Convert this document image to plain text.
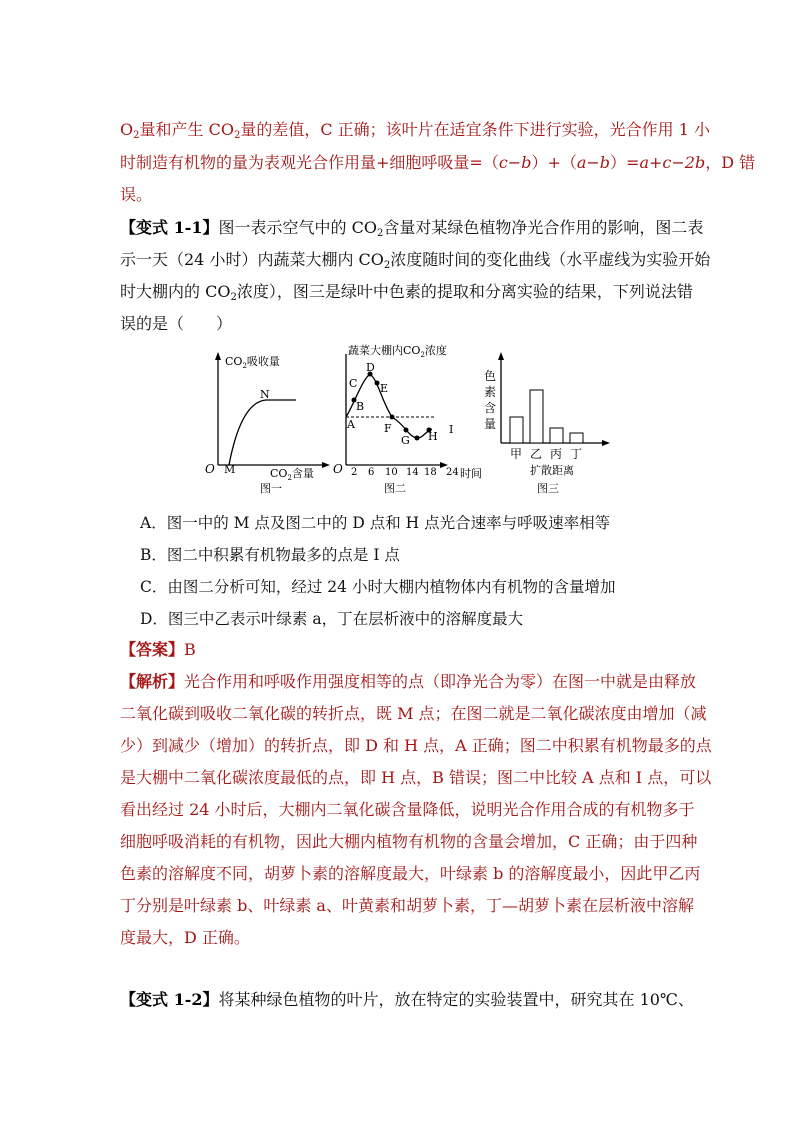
$O_2$量和产生 $CO_2$量的差值，C 正确；该叶片在适宜条件下进行实验，光合作用 1 小
时制造有机物的量为表观光合作用量+细胞呼吸量=（c−b）+（a−b）=a+c−2b，D 错
误。
【变式 1-1】图一表示空气中的 $CO_2$含量对某绿色植物净光合作用的影响，图二表
示一天（24 小时）内蔬菜大棚内 $CO_2$浓度随时间的变化曲线（水平虚线为实验开始
时大棚内的 $CO_2$浓度），图三是绿叶中色素的提取和分离实验的结果，下列说法错
误的是（　　）
$CO_2$吸收量
N
O M	$CO_2$含量
图一
蔬菜大棚内$CO_2$浓度
A
B
C
D
E
F
G H
I
O 2 6 10 14 18 24 时间
图二
色
素
含
量
甲 乙 丙 丁
扩散距离
图三
A．图一中的 M 点及图二中的 D 点和 H 点光合速率与呼吸速率相等
B．图二中积累有机物最多的点是 I 点
C．由图二分析可知，经过 24 小时大棚内植物体内有机物的含量增加
D．图三中乙表示叶绿素 a，丁在层析液中的溶解度最大
【答案】B
【解析】光合作用和呼吸作用强度相等的点（即净光合为零）在图一中就是由释放
二氧化碳到吸收二氧化碳的转折点，既 M 点；在图二就是二氧化碳浓度由增加（减
少）到减少（增加）的转折点，即 D 和 H 点，A 正确；图二中积累有机物最多的点
是大棚中二氧化碳浓度最低的点，即 H 点，B 错误；图二中比较 A 点和 I 点，可以
看出经过 24 小时后，大棚内二氧化碳含量降低，说明光合作用合成的有机物多于
细胞呼吸消耗的有机物，因此大棚内植物有机物的含量会增加，C 正确；由于四种
色素的溶解度不同，胡萝卜素的溶解度最大，叶绿素 b 的溶解度最小，因此甲乙丙
丁分别是叶绿素 b、叶绿素 a、叶黄素和胡萝卜素，丁—胡萝卜素在层析液中溶解
度最大，D 正确。
【变式 1-2】将某种绿色植物的叶片，放在特定的实验装置中，研究其在 10℃、
